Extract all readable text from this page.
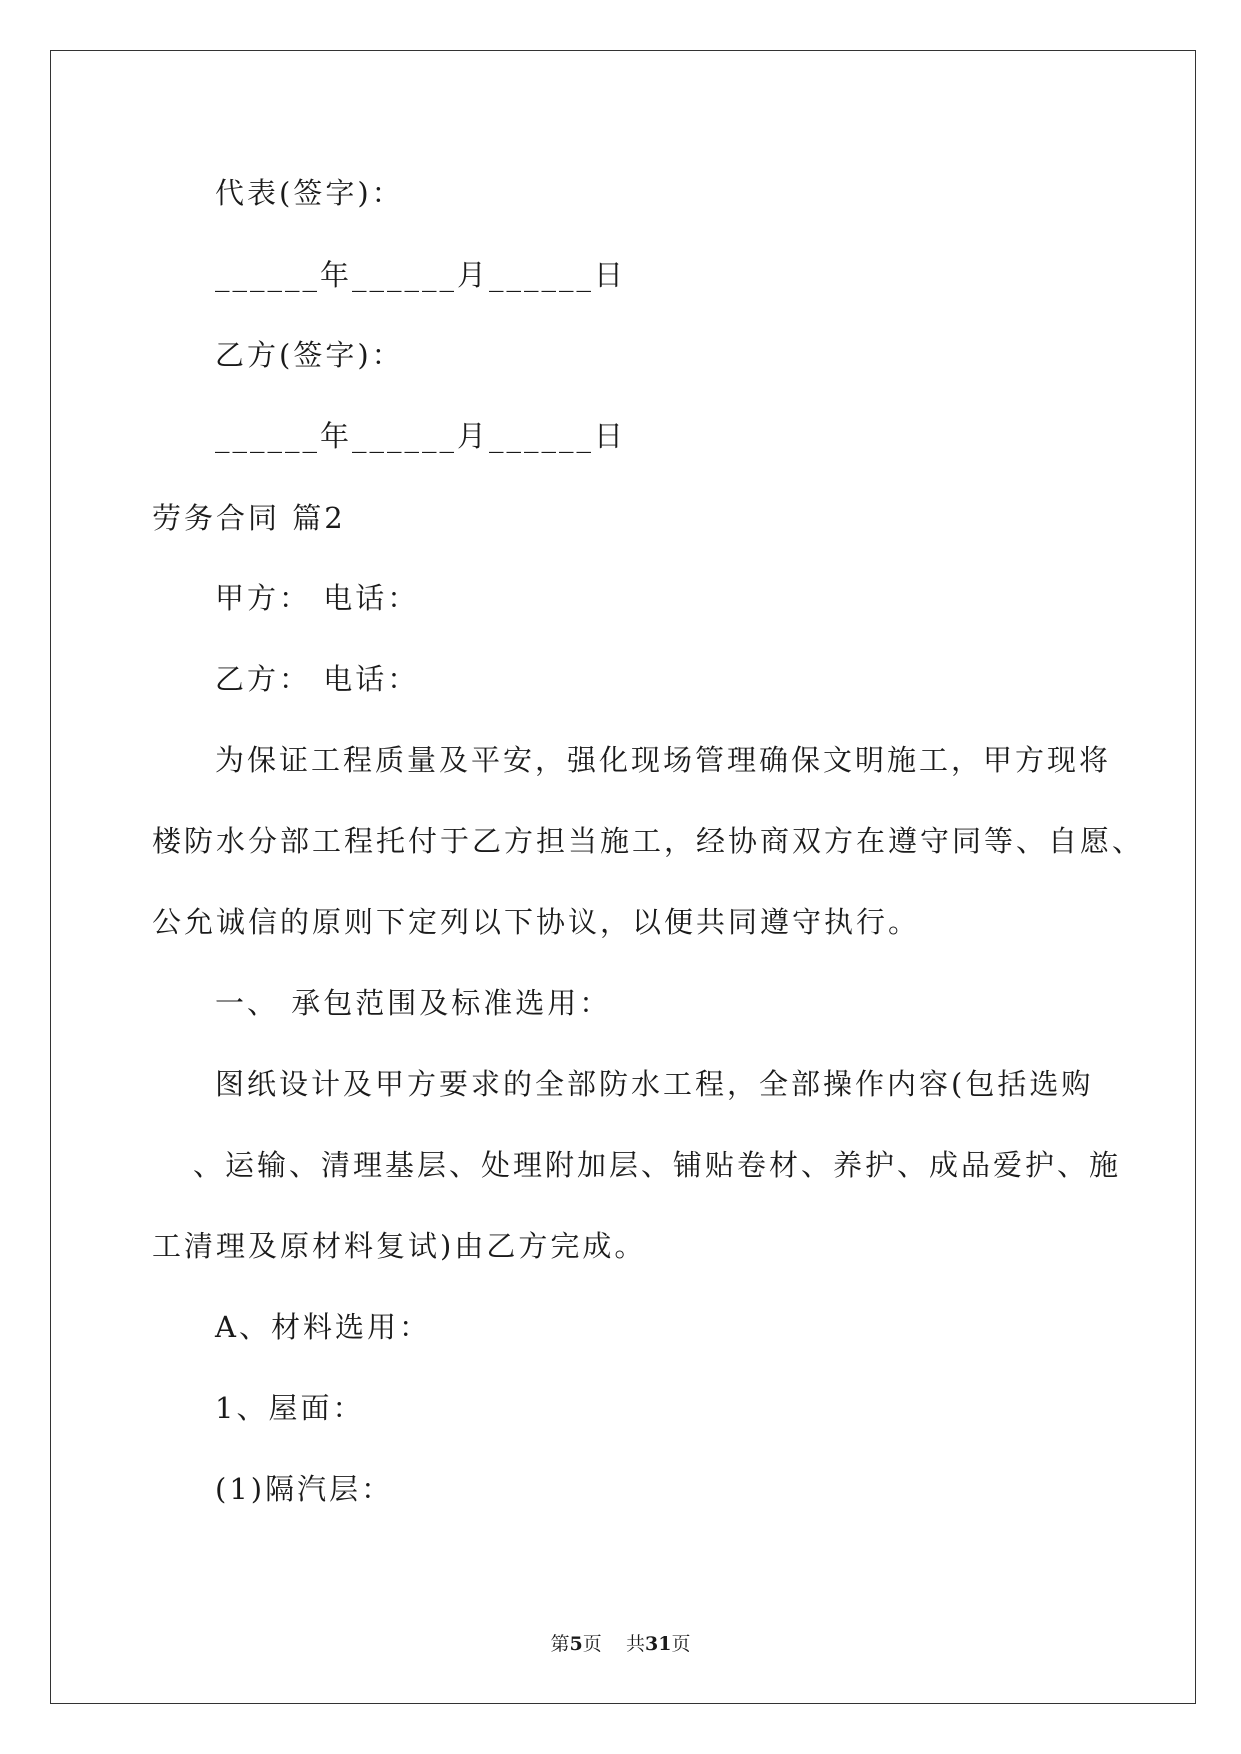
代表(签字)：
______年______月______日
乙方(签字)：
______年______月______日
劳务合同 篇2
甲方： 电话：
乙方： 电话：
为保证工程质量及平安，强化现场管理确保文明施工，甲方现将
楼防水分部工程托付于乙方担当施工，经协商双方在遵守同等、自愿、
公允诚信的原则下定列以下协议，以便共同遵守执行。
一、 承包范围及标准选用：
图纸设计及甲方要求的全部防水工程，全部操作内容(包括选购
、运输、清理基层、处理附加层、铺贴卷材、养护、成品爱护、施
工清理及原材料复试)由乙方完成。
A、材料选用：
1、屋面：
(1)隔汽层：
第5页 共31页
